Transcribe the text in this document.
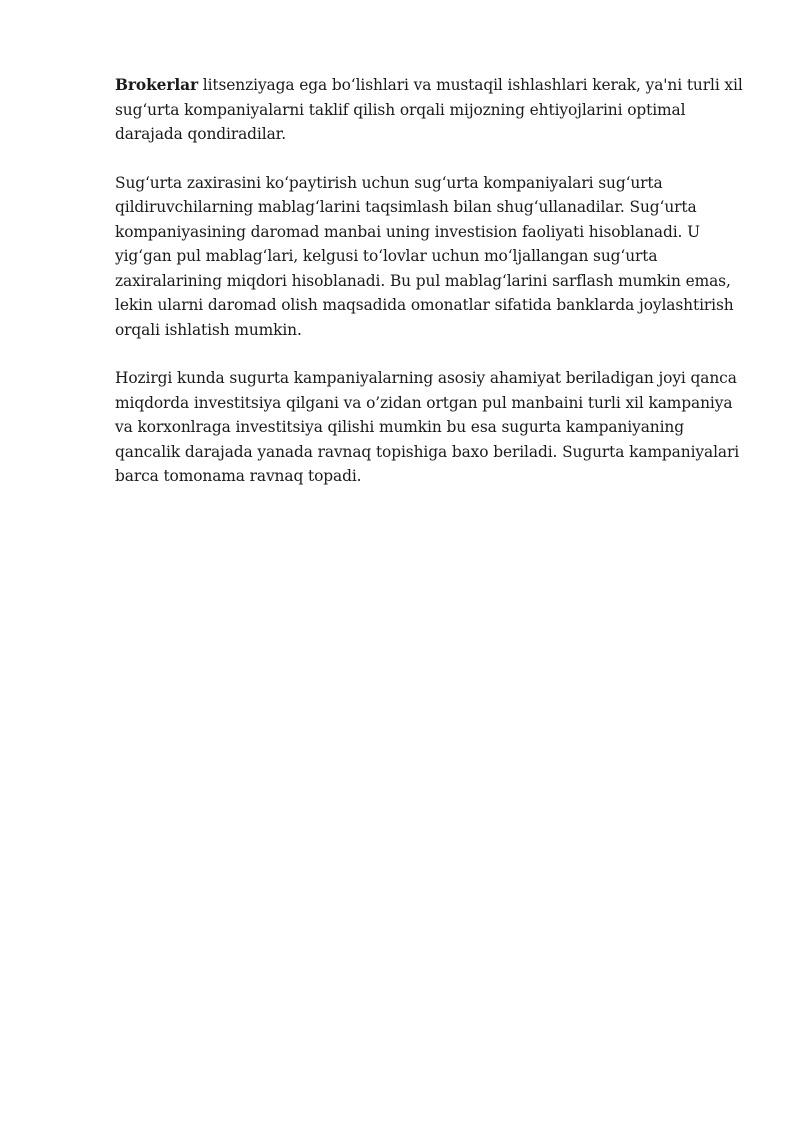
Brokerlar litsenziyaga ega boʻlishlari va mustaqil ishlashlari kerak, ya'ni turli xil sugʻurta kompaniyalarni taklif qilish orqali mijozning ehtiyojlarini optimal darajada qondiradilar.

Sugʻurta zaxirasini koʻpaytirish uchun sugʻurta kompaniyalari sugʻurta qildiruvchilarning mablagʻlarini taqsimlash bilan shugʻullanadilar. Sugʻurta kompaniyasining daromad manbai uning investision faoliyati hisoblanadi. U yigʻgan pul mablagʻlari, kelgusi toʻlovlar uchun moʻljallangan sugʻurta zaxiralarining miqdori hisoblanadi. Bu pul mablagʻlarini sarflash mumkin emas, lekin ularni daromad olish maqsadida omonatlar sifatida banklarda joylashtirish orqali ishlatish mumkin.

Hozirgi kunda sugurta kampaniyalarning asosiy ahamiyat beriladigan joyi qanca miqdorda investitsiya qilgani va o’zidan ortgan pul manbaini turli xil kampaniya va korxonlraga investitsiya qilishi mumkin bu esa sugurta kampaniyaning qancalik darajada yanada ravnaq topishiga baxo beriladi. Sugurta kampaniyalari barca tomonama ravnaq topadi.
